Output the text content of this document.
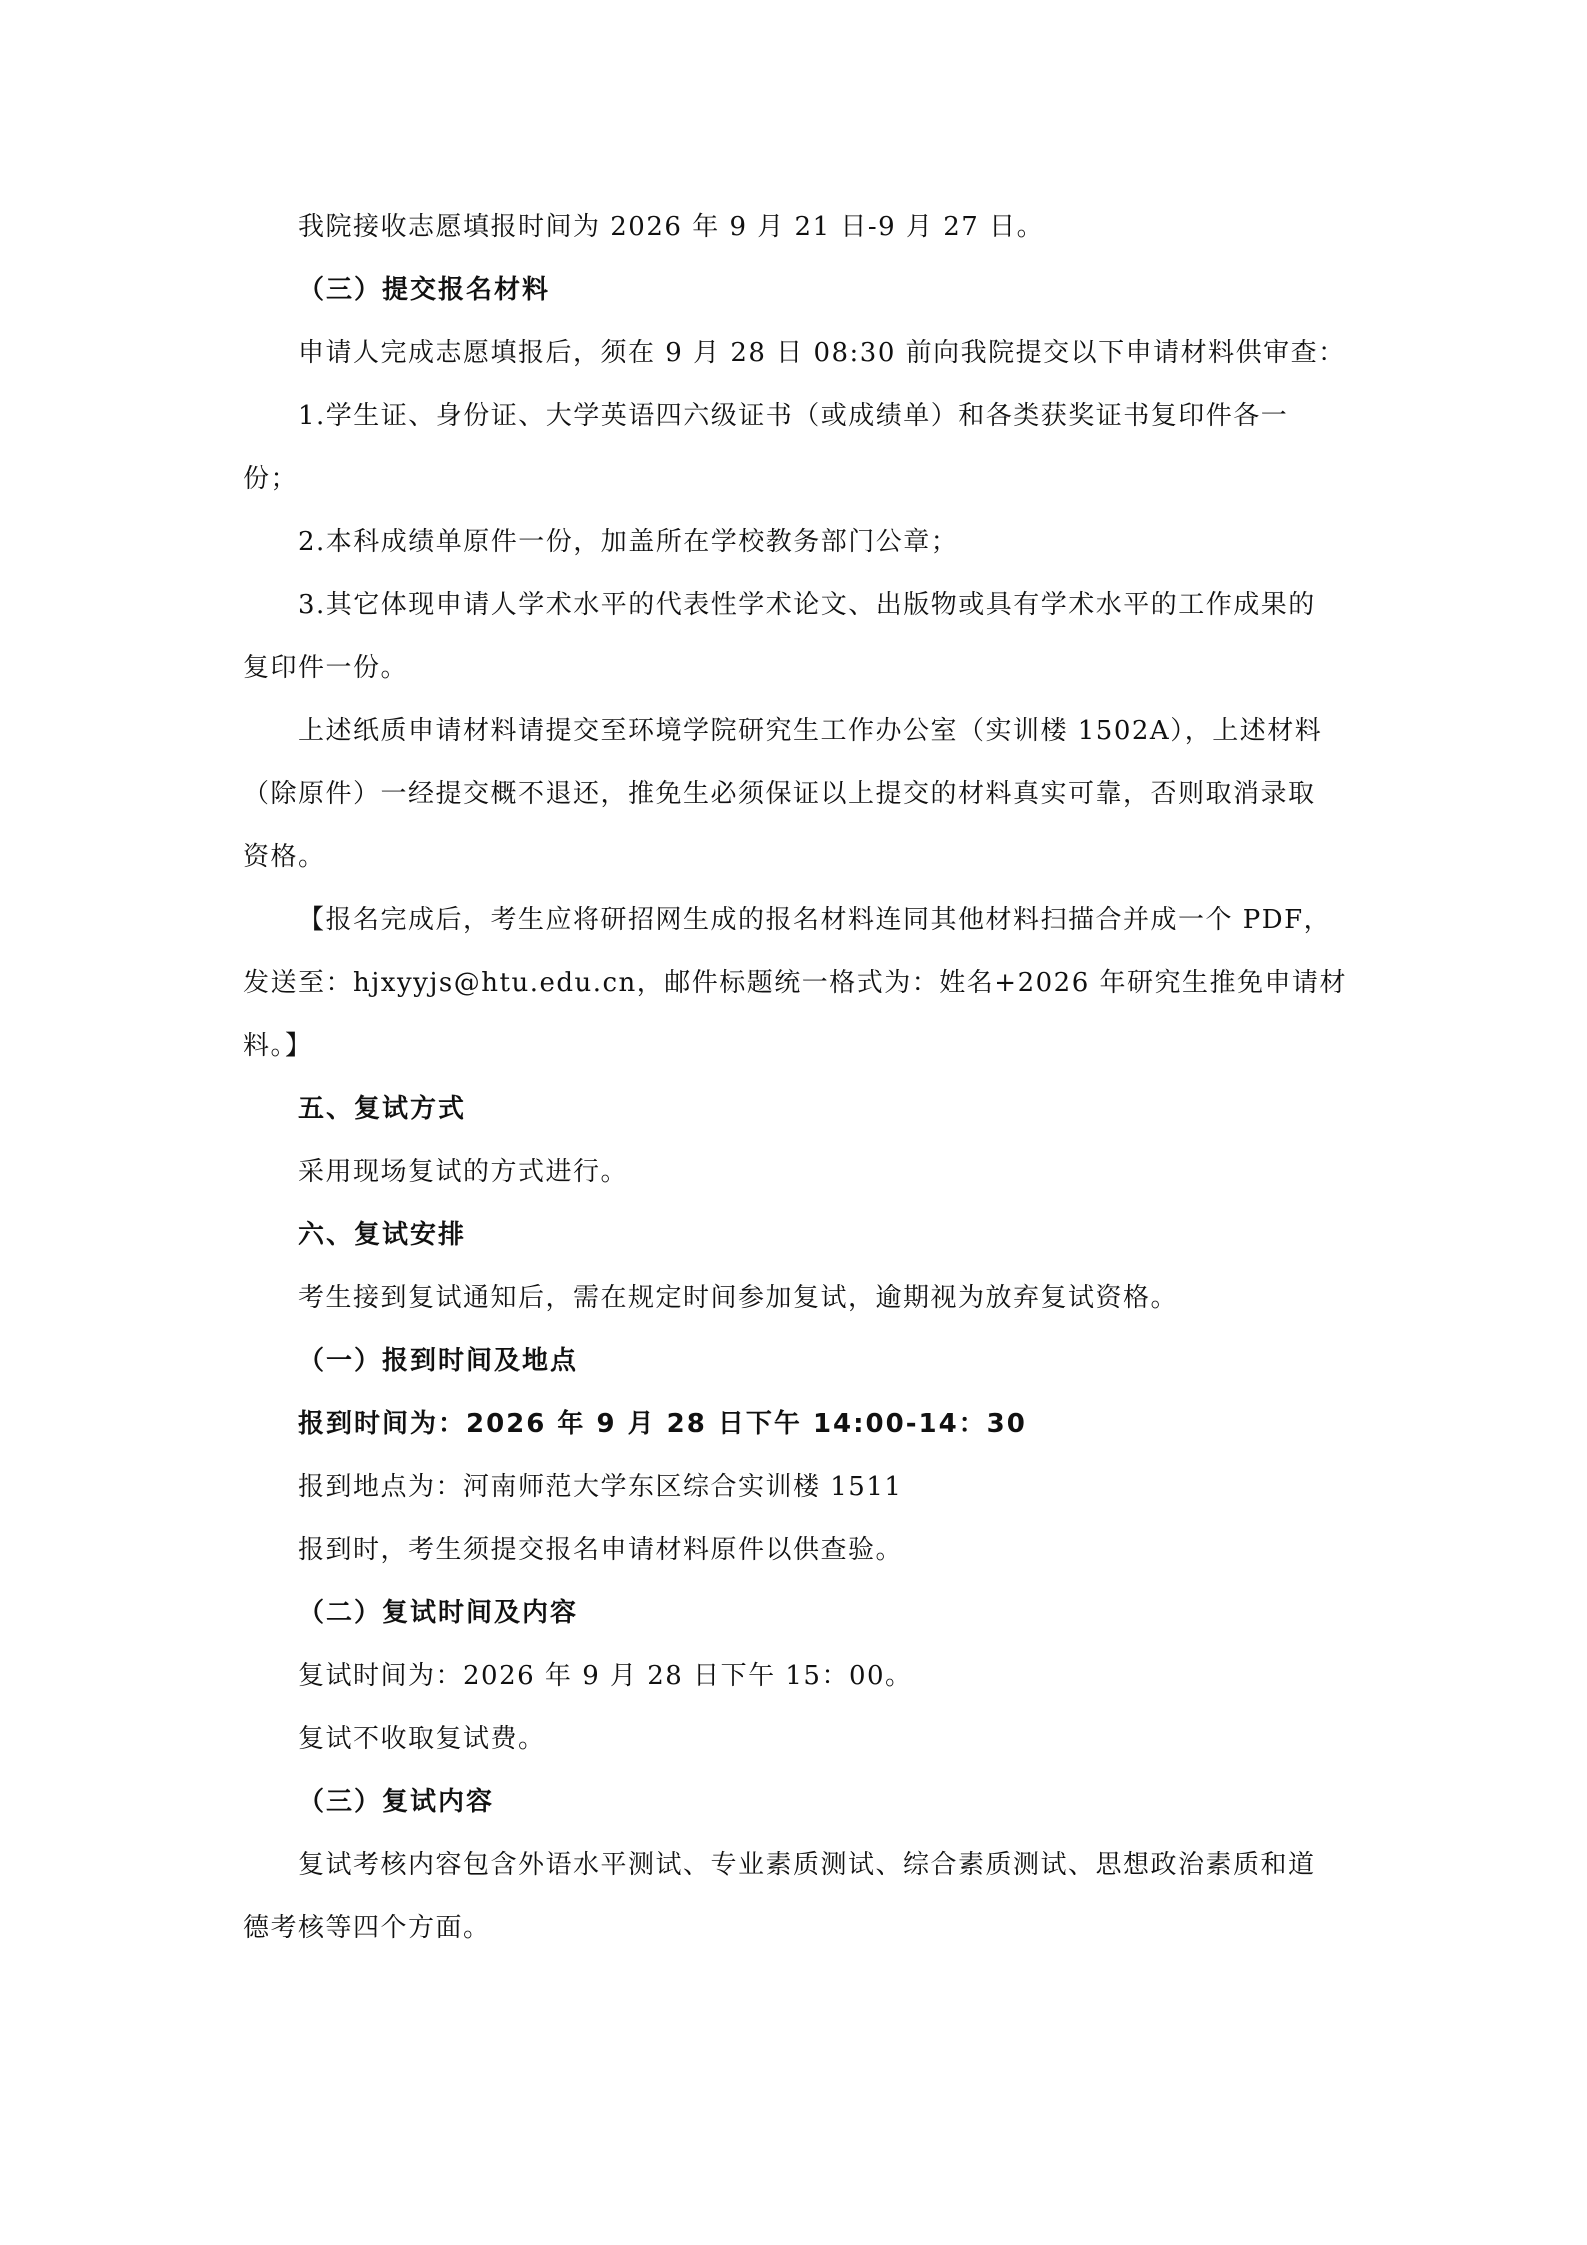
我院接收志愿填报时间为 2026 年 9 月 21 日-9 月 27 日。
（三）提交报名材料
申请人完成志愿填报后，须在 9 月 28 日 08:30 前向我院提交以下申请材料供审查：
1.学生证、身份证、大学英语四六级证书（或成绩单）和各类获奖证书复印件各一
份；
2.本科成绩单原件一份，加盖所在学校教务部门公章；
3.其它体现申请人学术水平的代表性学术论文、出版物或具有学术水平的工作成果的
复印件一份。
上述纸质申请材料请提交至环境学院研究生工作办公室（实训楼 1502A），上述材料
（除原件）一经提交概不退还，推免生必须保证以上提交的材料真实可靠，否则取消录取
资格。
【报名完成后，考生应将研招网生成的报名材料连同其他材料扫描合并成一个 PDF，
发送至：hjxyyjs@htu.edu.cn，邮件标题统一格式为：姓名+2026 年研究生推免申请材
料。】
五、复试方式
采用现场复试的方式进行。
六、复试安排
考生接到复试通知后，需在规定时间参加复试，逾期视为放弃复试资格。
（一）报到时间及地点
报到时间为：2026 年 9 月 28 日下午 14:00-14：30
报到地点为：河南师范大学东区综合实训楼 1511
报到时，考生须提交报名申请材料原件以供查验。
（二）复试时间及内容
复试时间为：2026 年 9 月 28 日下午 15：00。
复试不收取复试费。
（三）复试内容
复试考核内容包含外语水平测试、专业素质测试、综合素质测试、思想政治素质和道
德考核等四个方面。
